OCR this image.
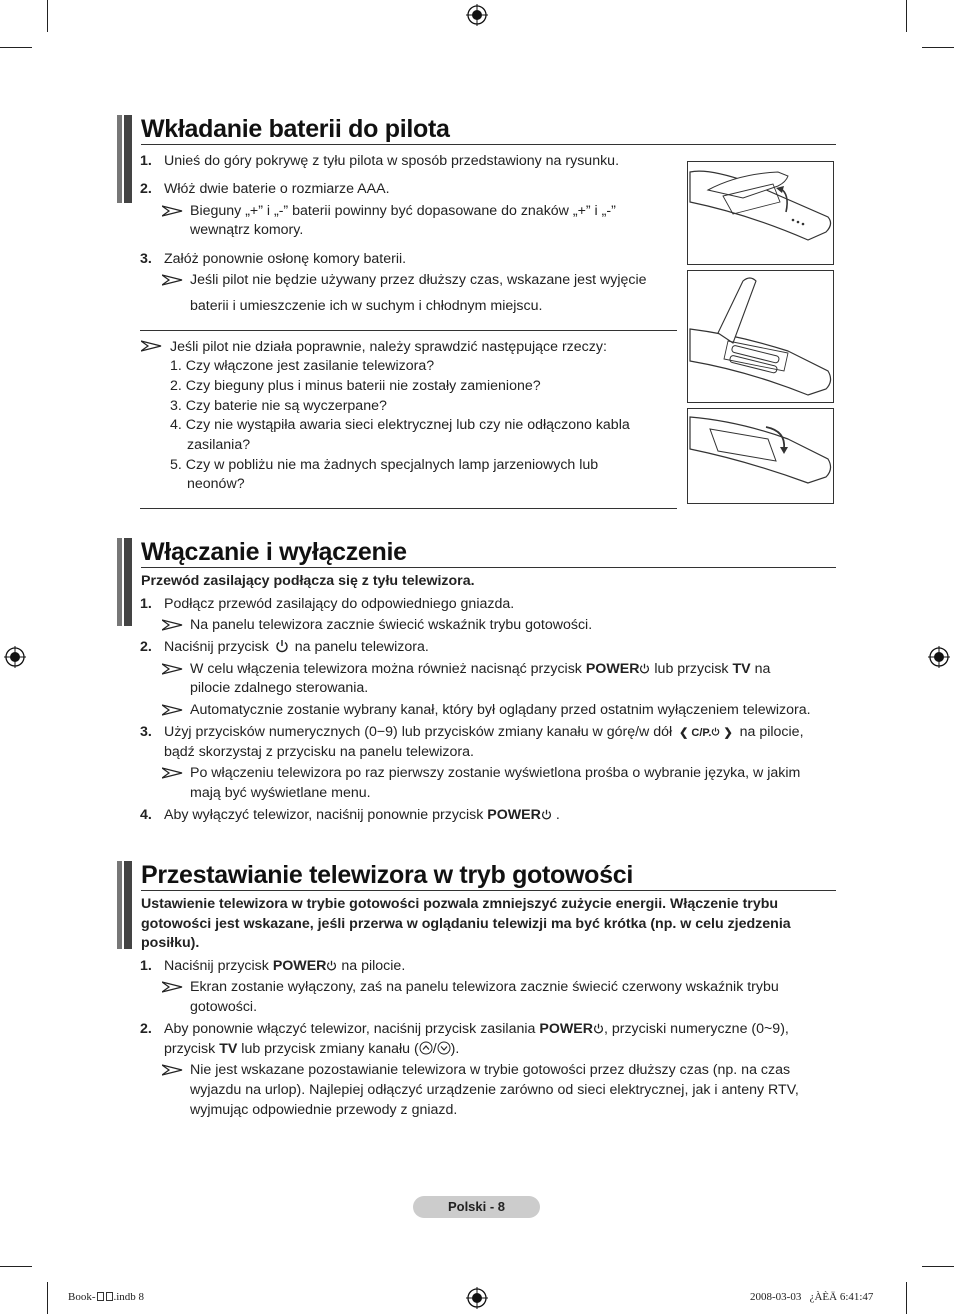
Wkładanie baterii do pilota
1. Unieś do góry pokrywę z tyłu pilota w sposób przedstawiony na rysunku.
2. Włóż dwie baterie o rozmiarze AAA.
Bieguny „+” i „-” baterii powinny być dopasowane do znaków „+” i „-”
wewnątrz komory.
3. Załóż ponownie osłonę komory baterii.
Jeśli pilot nie będzie używany przez dłuższy czas, wskazane jest wyjęcie
baterii i umieszczenie ich w suchym i chłodnym miejscu.
Jeśli pilot nie działa poprawnie, należy sprawdzić następujące rzeczy:
1. Czy włączone jest zasilanie telewizora?
2. Czy bieguny plus i minus baterii nie zostały zamienione?
3. Czy baterie nie są wyczerpane?
4. Czy nie wystąpiła awaria sieci elektrycznej lub czy nie odłączono kabla
zasilania?
5. Czy w pobliżu nie ma żadnych specjalnych lamp jarzeniowych lub
neonów?
Włączanie i wyłączenie
Przewód zasilający podłącza się z tyłu telewizora.
1. Podłącz przewód zasilający do odpowiedniego gniazda.
Na panelu telewizora zacznie świecić wskaźnik trybu gotowości.
2. Naciśnij przycisk na panelu telewizora.
W celu włączenia telewizora można również nacisnąć przycisk POWER lub przycisk TV na
pilocie zdalnego sterowania.
Automatycznie zostanie wybrany kanał, który był oglądany przed ostatnim wyłączeniem telewizora.
3. Użyj przycisków numerycznych (0−9) lub przycisków zmiany kanału w górę/w dół ❮ C/P. ❯ na pilocie,
bądź skorzystaj z przycisku na panelu telewizora.
Po włączeniu telewizora po raz pierwszy zostanie wyświetlona prośba o wybranie języka, w jakim
mają być wyświetlane menu.
4. Aby wyłączyć telewizor, naciśnij ponownie przycisk POWER .
Przestawianie telewizora w tryb gotowości
Ustawienie telewizora w trybie gotowości pozwala zmniejszyć zużycie energii. Włączenie trybu
gotowości jest wskazane, jeśli przerwa w oglądaniu telewizji ma być krótka (np. w celu zjedzenia
posiłku).
1. Naciśnij przycisk POWER na pilocie.
Ekran zostanie wyłączony, zaś na panelu telewizora zacznie świecić czerwony wskaźnik trybu
gotowości.
2. Aby ponownie włączyć telewizor, naciśnij przycisk zasilania POWER , przyciski numeryczne (0~9),
przycisk TV lub przycisk zmiany kanału ( / ).
Nie jest wskazane pozostawianie telewizora w trybie gotowości przez dłuższy czas (np. na czas
wyjazdu na urlop). Najlepiej odłączyć urządzenie zarówno od sieci elektrycznej, jak i anteny RTV,
wyjmując odpowiednie przewody z gniazd.
Polski - 8
Book- .indb 8	2008-03-03   ¿ÀÈÄ 6:41:47
